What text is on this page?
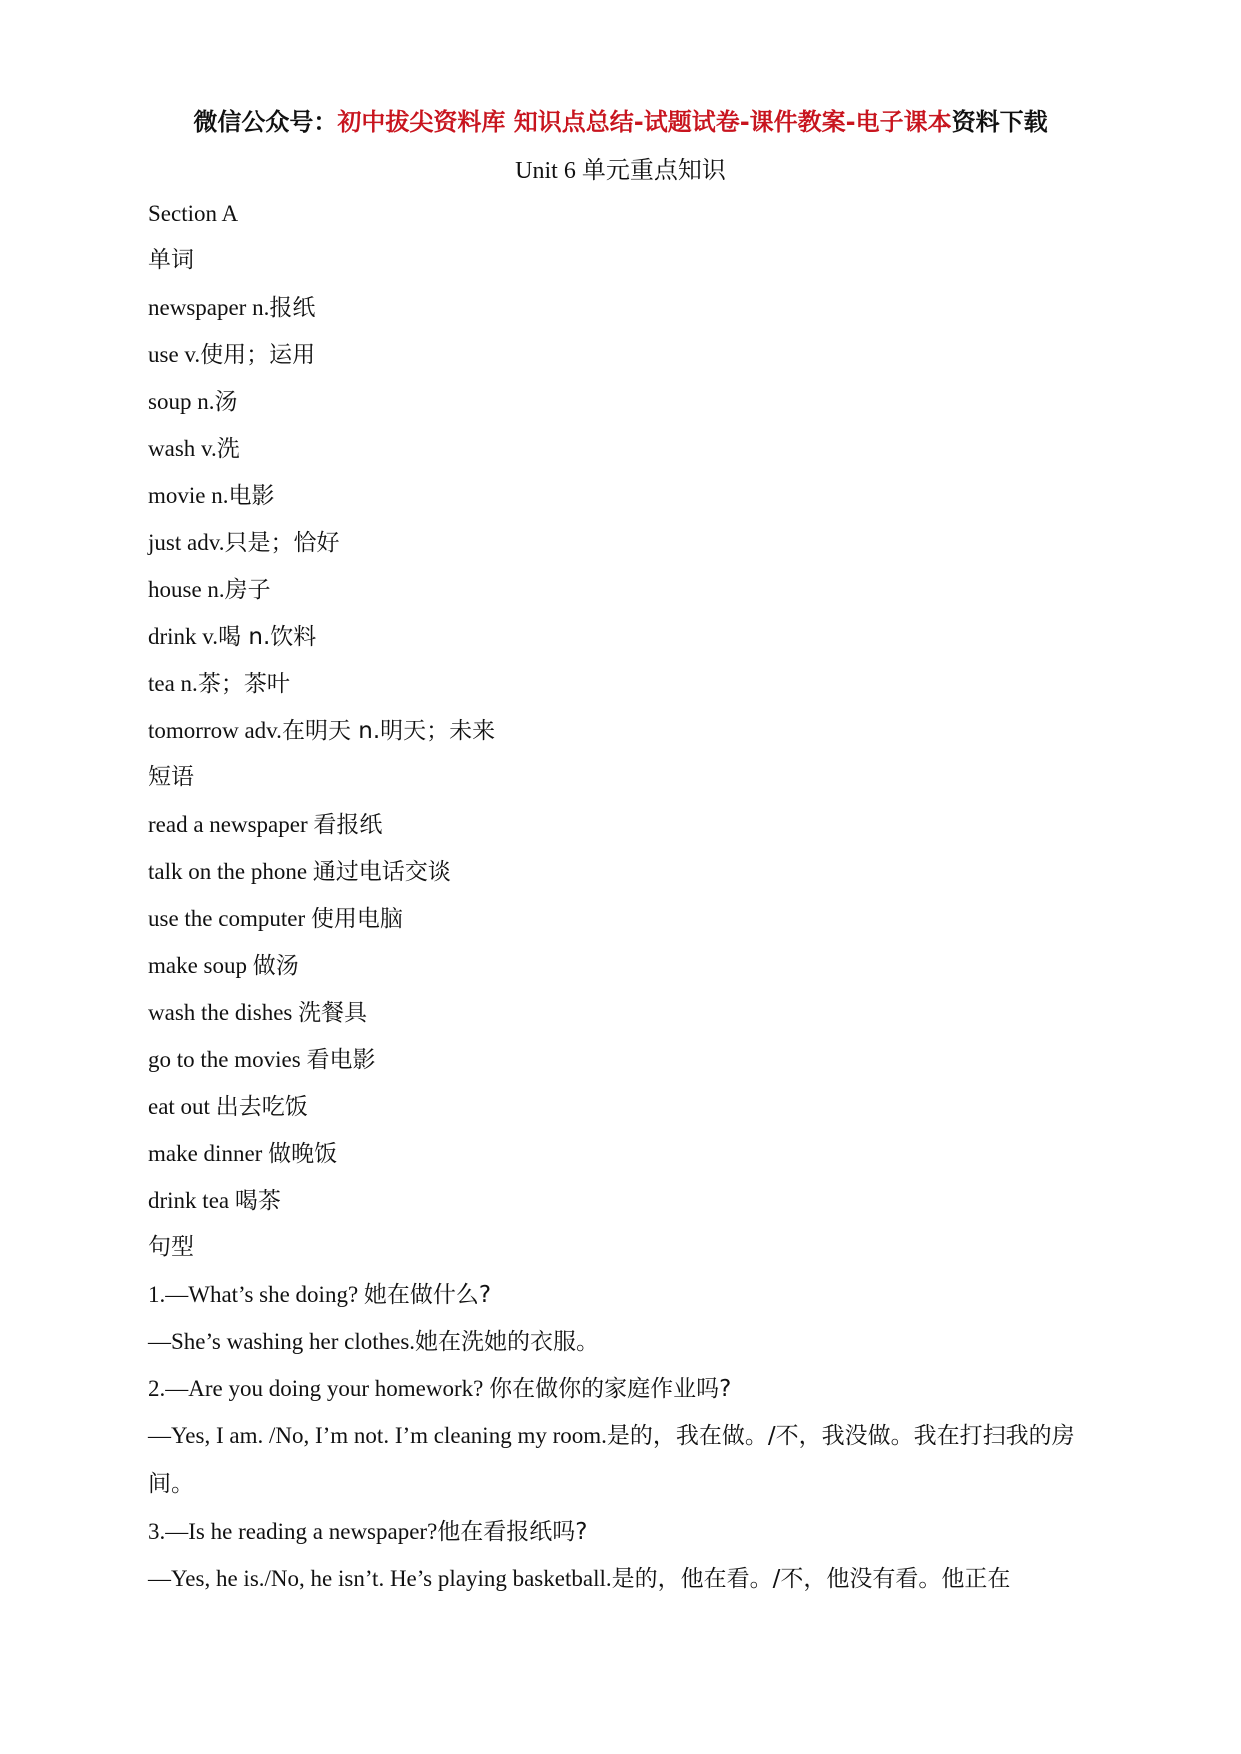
微信公众号：初中拔尖资料库 知识点总结-试题试卷-课件教案-电子课本资料下载
Unit 6 单元重点知识
Section A
单词
newspaper n.报纸
use v.使用；运用
soup n.汤
wash v.洗
movie n.电影
just adv.只是；恰好
house n.房子
drink v.喝 n.饮料
tea n.茶；茶叶
tomorrow adv.在明天 n.明天；未来
短语
read a newspaper 看报纸
talk on the phone 通过电话交谈
use the computer 使用电脑
make soup 做汤
wash the dishes 洗餐具
go to the movies 看电影
eat out 出去吃饭
make dinner 做晚饭
drink tea 喝茶
句型
1.—What’s she doing? 她在做什么?
—She’s washing her clothes.她在洗她的衣服。
2.—Are you doing your homework? 你在做你的家庭作业吗?
—Yes, I am. /No, I’m not. I’m cleaning my room.是的，我在做。/不，我没做。我在打扫我的房间。
3.—Is he reading a newspaper?他在看报纸吗?
—Yes, he is./No, he isn’t. He’s playing basketball.是的，他在看。/不，他没有看。他正在
